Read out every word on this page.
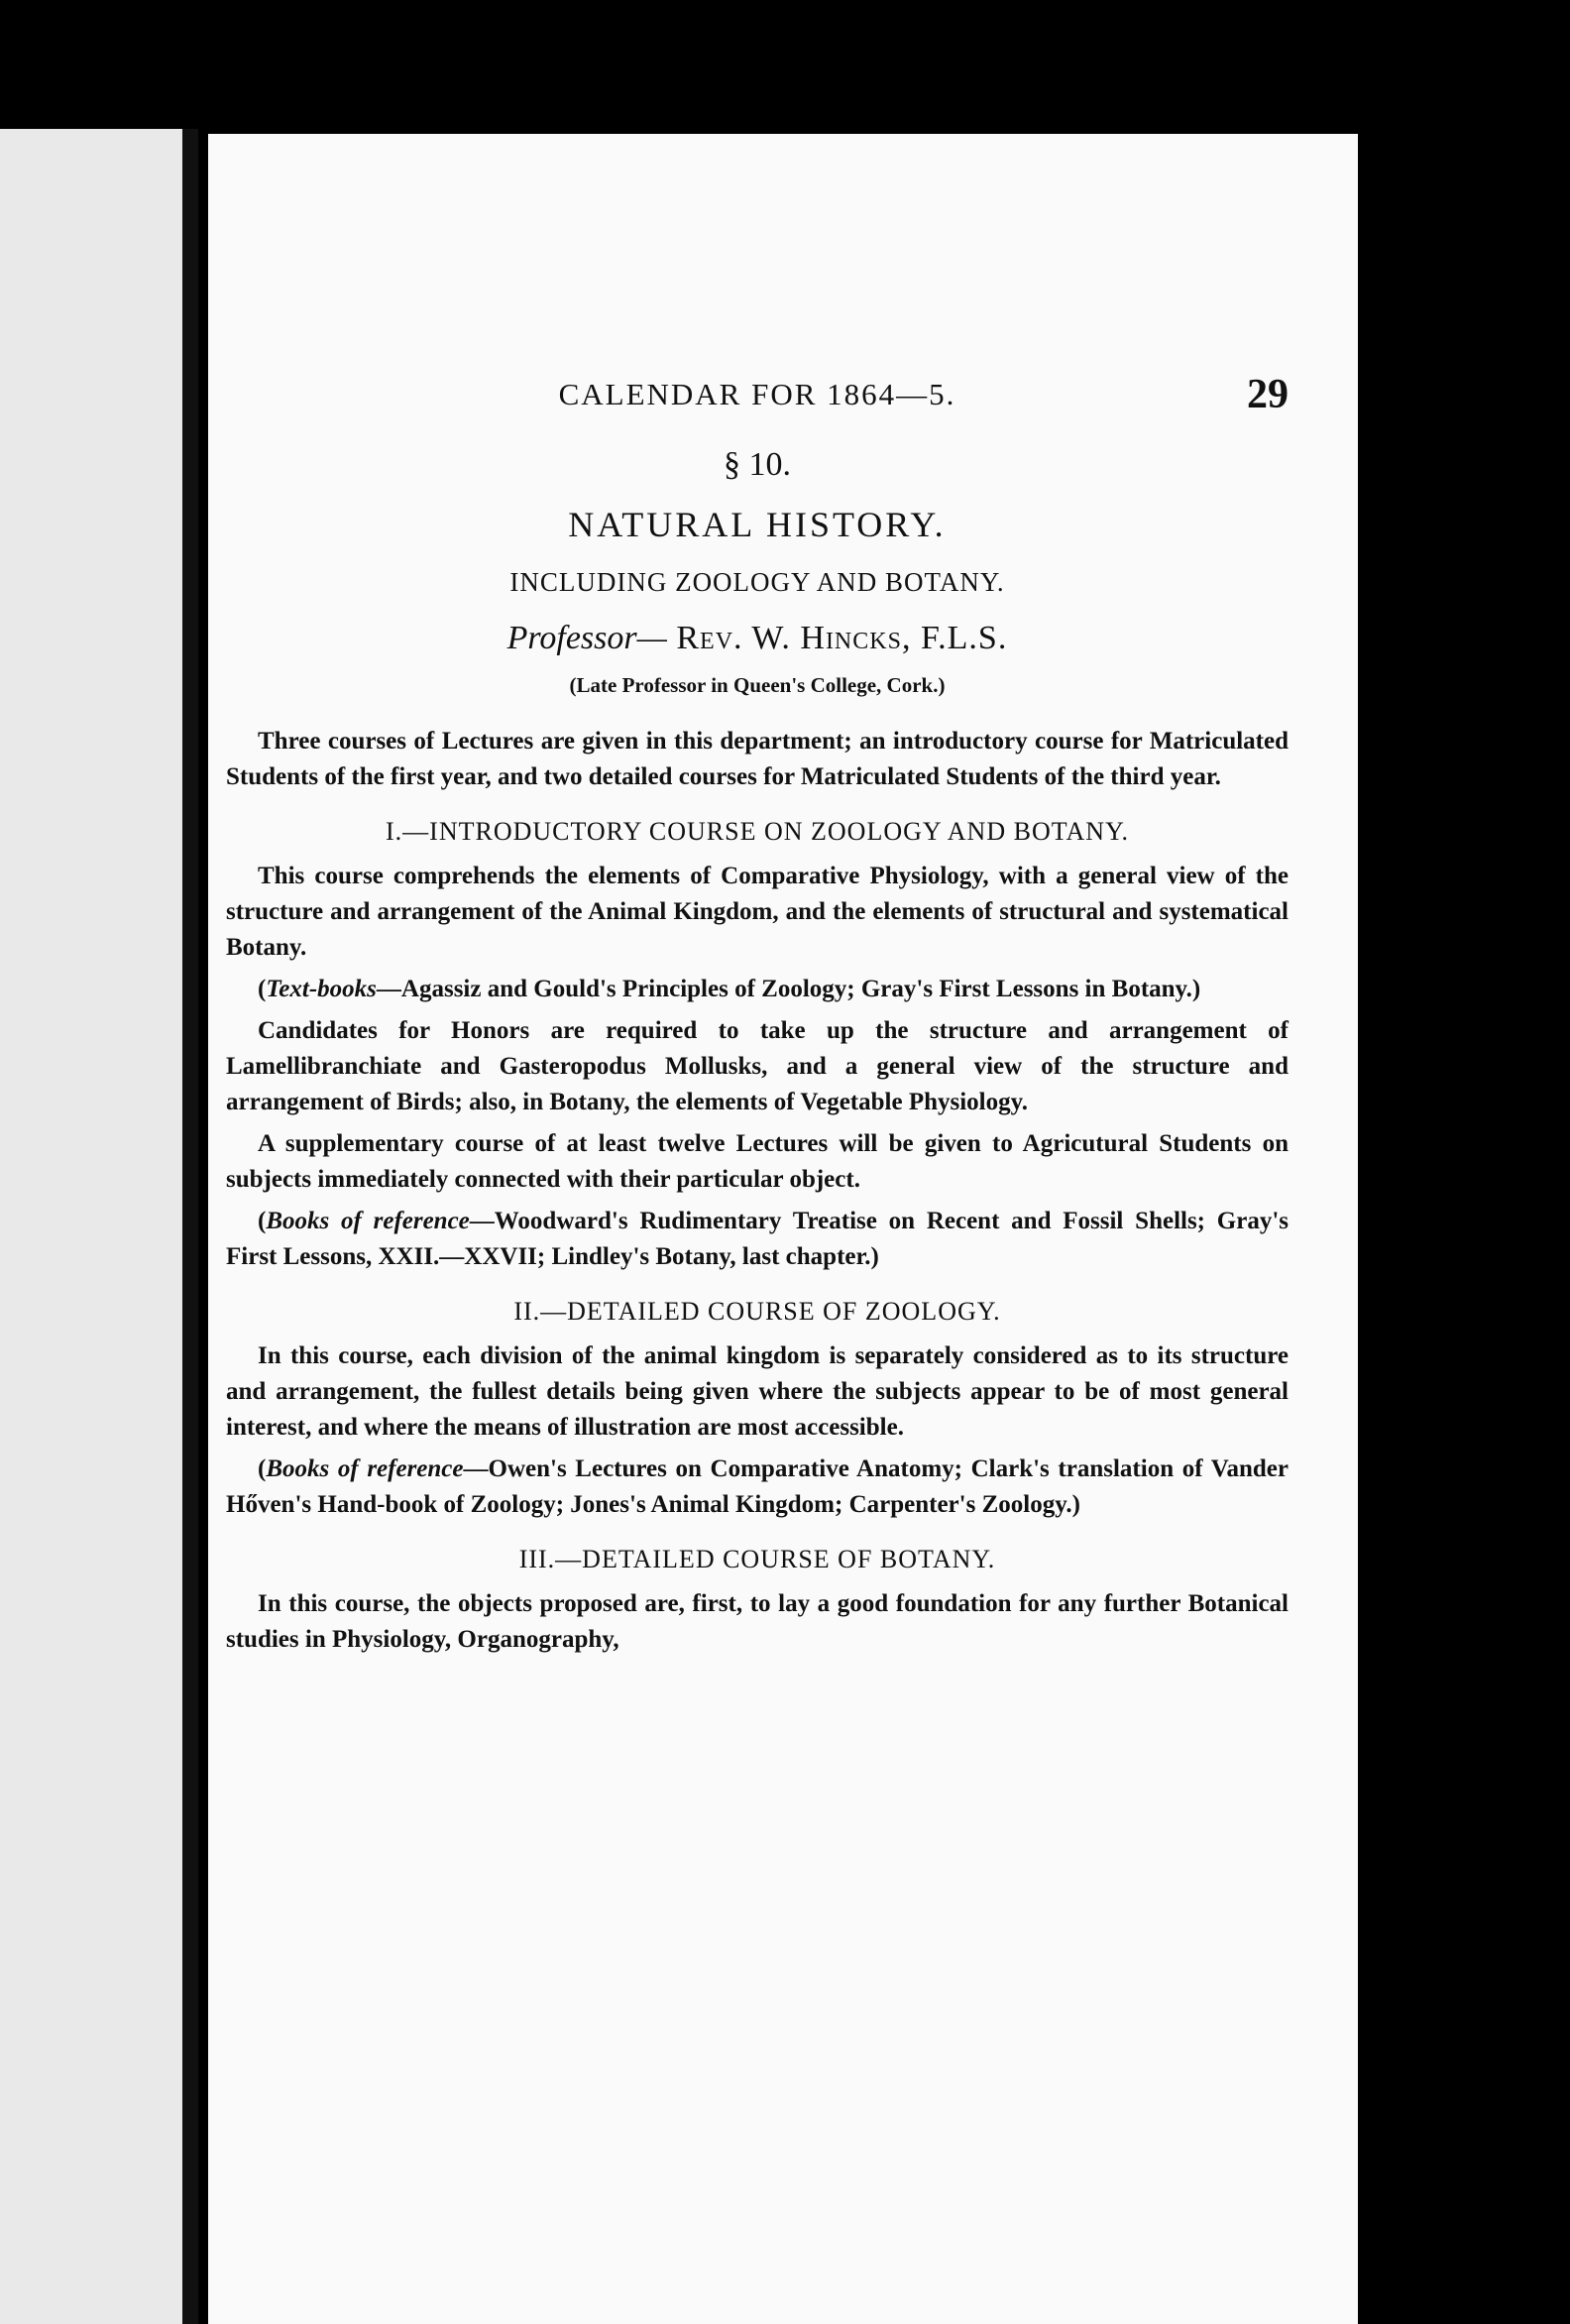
CALENDAR FOR 1864—5.	29
§ 10.
NATURAL HISTORY.
INCLUDING ZOOLOGY AND BOTANY.
Professor— Rev. W. Hincks, F.L.S.
(Late Professor in Queen's College, Cork.)

Three courses of Lectures are given in this department; an introductory course for Matriculated Students of the first year, and two detailed courses for Matriculated Students of the third year.

I.—INTRODUCTORY COURSE ON ZOOLOGY AND BOTANY.

This course comprehends the elements of Comparative Physiology, with a general view of the structure and arrangement of the Animal Kingdom, and the elements of structural and systematical Botany.

(Text-books—Agassiz and Gould's Principles of Zoology; Gray's First Lessons in Botany.)

Candidates for Honors are required to take up the structure and arrangement of Lamellibranchiate and Gasteropodus Mollusks, and a general view of the structure and arrangement of Birds; also, in Botany, the elements of Vegetable Physiology.

A supplementary course of at least twelve Lectures will be given to Agricutural Students on subjects immediately connected with their particular object.

(Books of reference—Woodward's Rudimentary Treatise on Recent and Fossil Shells; Gray's First Lessons, XXII.—XXVII; Lindley's Botany, last chapter.)

II.—DETAILED COURSE OF ZOOLOGY.

In this course, each division of the animal kingdom is separately considered as to its structure and arrangement, the fullest details being given where the subjects appear to be of most general interest, and where the means of illustration are most accessible.

(Books of reference—Owen's Lectures on Comparative Anatomy; Clark's translation of Vander Hőven's Hand-book of Zoology; Jones's Animal Kingdom; Carpenter's Zoology.)

III.—DETAILED COURSE OF BOTANY.

In this course, the objects proposed are, first, to lay a good foundation for any further Botanical studies in Physiology, Organography,
